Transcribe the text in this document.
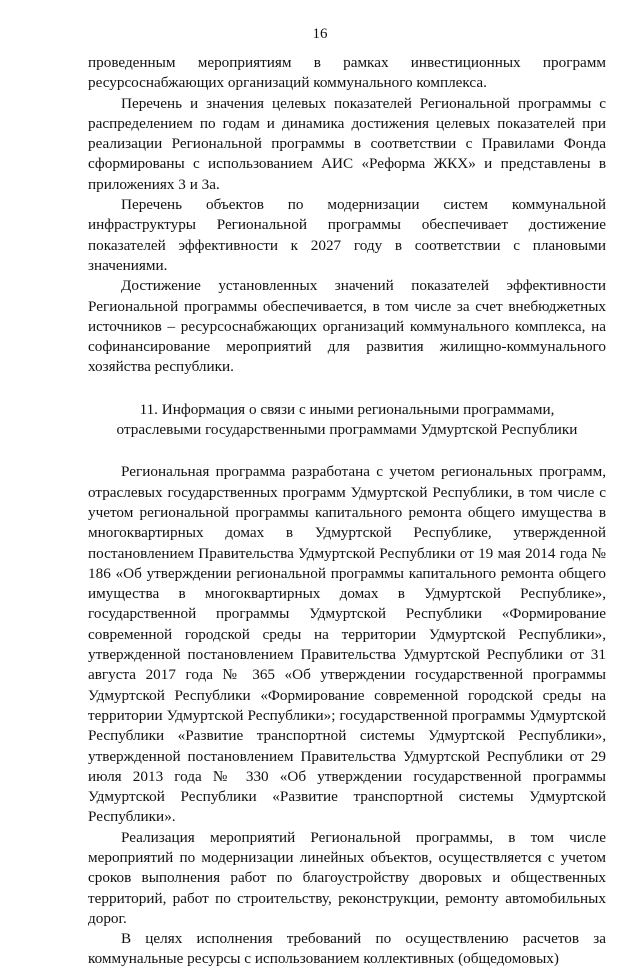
16

проведенным мероприятиям в рамках инвестиционных программ ресурсоснабжающих организаций коммунального комплекса.

Перечень и значения целевых показателей Региональной программы с распределением по годам и динамика достижения целевых показателей при реализации Региональной программы в соответствии с Правилами Фонда сформированы с использованием АИС «Реформа ЖКХ» и представлены в приложениях 3 и 3а.

Перечень объектов по модернизации систем коммунальной инфраструктуры Региональной программы обеспечивает достижение показателей эффективности к 2027 году в соответствии с плановыми значениями.

Достижение установленных значений показателей эффективности Региональной программы обеспечивается, в том числе за счет внебюджетных источников – ресурсоснабжающих организаций коммунального комплекса, на софинансирование мероприятий для развития жилищно-коммунального хозяйства республики.

11. Информация о связи с иными региональными программами,
отраслевыми государственными программами Удмуртской Республики

Региональная программа разработана с учетом региональных программ, отраслевых государственных программ Удмуртской Республики, в том числе с учетом региональной программы капитального ремонта общего имущества в многоквартирных домах в Удмуртской Республике, утвержденной постановлением Правительства Удмуртской Республики от 19 мая 2014 года № 186 «Об утверждении региональной программы капитального ремонта общего имущества в многоквартирных домах в Удмуртской Республике», государственной программы Удмуртской Республики «Формирование современной городской среды на территории Удмуртской Республики», утвержденной постановлением Правительства Удмуртской Республики от 31 августа 2017 года № 365 «Об утверждении государственной программы Удмуртской Республики «Формирование современной городской среды на территории Удмуртской Республики»; государственной программы Удмуртской Республики «Развитие транспортной системы Удмуртской Республики», утвержденной постановлением Правительства Удмуртской Республики от 29 июля 2013 года № 330 «Об утверждении государственной программы Удмуртской Республики «Развитие транспортной системы Удмуртской Республики».

Реализация мероприятий Региональной программы, в том числе мероприятий по модернизации линейных объектов, осуществляется с учетом сроков выполнения работ по благоустройству дворовых и общественных территорий, работ по строительству, реконструкции, ремонту автомобильных дорог.

В целях исполнения требований по осуществлению расчетов за коммунальные ресурсы с использованием коллективных (общедомовых)
